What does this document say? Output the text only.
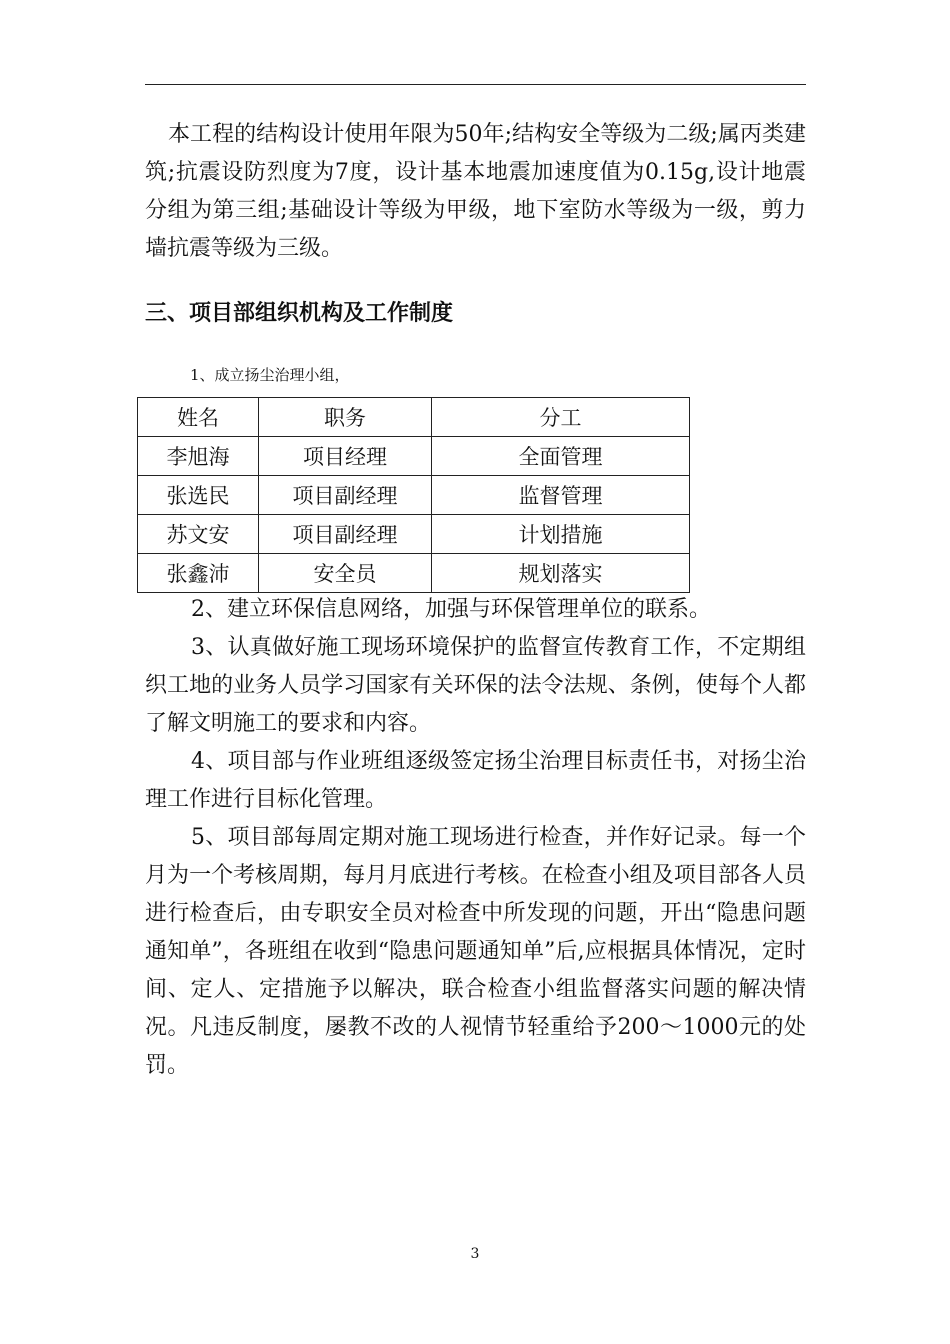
本工程的结构设计使用年限为50年;结构安全等级为二级;属丙类建筑;抗震设防烈度为7度，设计基本地震加速度值为0.15g,设计地震分组为第三组;基础设计等级为甲级，地下室防水等级为一级，剪力墙抗震等级为三级。

三、项目部组织机构及工作制度

1、成立扬尘治理小组，

姓名	职务	分工
李旭海	项目经理	全面管理
张选民	项目副经理	监督管理
苏文安	项目副经理	计划措施
张鑫沛	安全员	规划落实

2、建立环保信息网络，加强与环保管理单位的联系。

3、认真做好施工现场环境保护的监督宣传教育工作，不定期组织工地的业务人员学习国家有关环保的法令法规、条例，使每个人都了解文明施工的要求和内容。

4、项目部与作业班组逐级签定扬尘治理目标责任书，对扬尘治理工作进行目标化管理。

5、项目部每周定期对施工现场进行检查，并作好记录。每一个月为一个考核周期，每月月底进行考核。在检查小组及项目部各人员进行检查后，由专职安全员对检查中所发现的问题，开出“隐患问题通知单”，各班组在收到“隐患问题通知单”后,应根据具体情况，定时间、定人、定措施予以解决，联合检查小组监督落实问题的解决情况。凡违反制度，屡教不改的人视情节轻重给予200～1000元的处罚。

3
